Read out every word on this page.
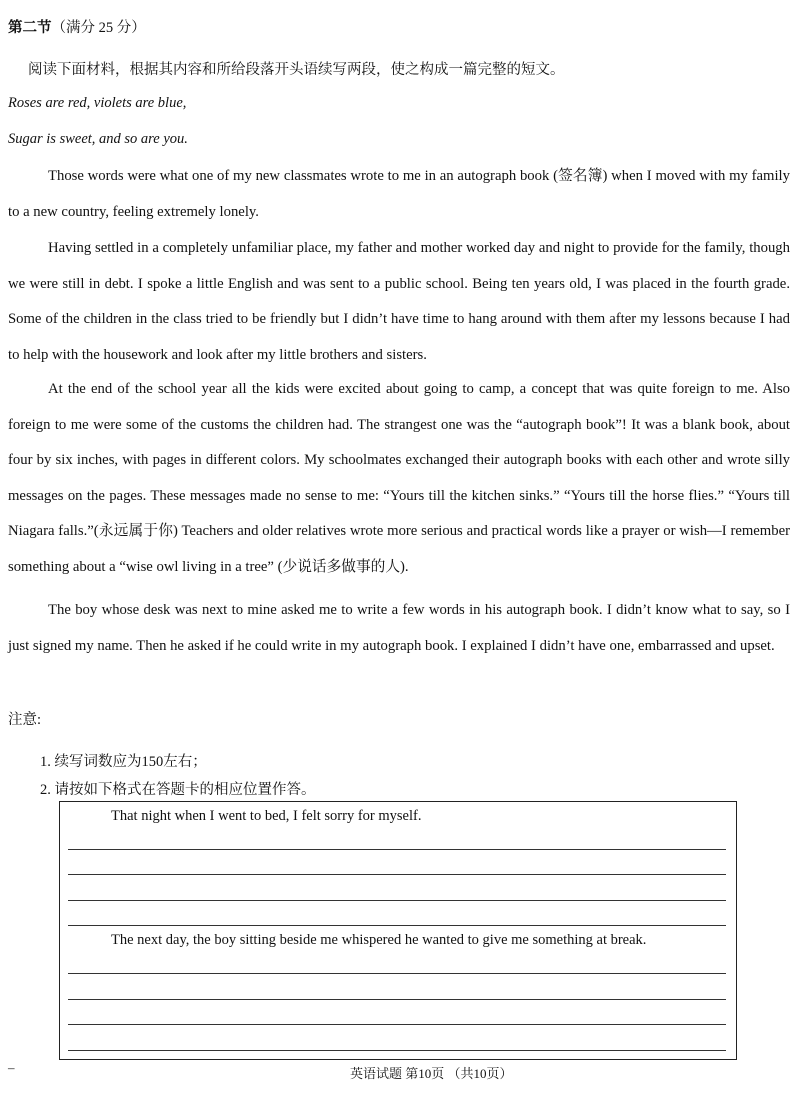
第二节（满分 25 分）
阅读下面材料，根据其内容和所给段落开头语续写两段，使之构成一篇完整的短文。
Roses are red, violets are blue,
Sugar is sweet, and so are you.

Those words were what one of my new classmates wrote to me in an autograph book (签名簿) when I moved with my family to a new country, feeling extremely lonely.

Having settled in a completely unfamiliar place, my father and mother worked day and night to provide for the family, though we were still in debt. I spoke a little English and was sent to a public school. Being ten years old, I was placed in the fourth grade. Some of the children in the class tried to be friendly but I didn’t have time to hang around with them after my lessons because I had to help with the housework and look after my little brothers and sisters.

At the end of the school year all the kids were excited about going to camp, a concept that was quite foreign to me. Also foreign to me were some of the customs the children had. The strangest one was the “autograph book”! It was a blank book, about four by six inches, with pages in different colors. My schoolmates exchanged their autograph books with each other and wrote silly messages on the pages. These messages made no sense to me: “Yours till the kitchen sinks.” “Yours till the horse flies.” “Yours till Niagara falls.”(永远属于你) Teachers and older relatives wrote more serious and practical words like a prayer or wish—I remember something about a “wise owl living in a tree” (少说话多做事的人).

The boy whose desk was next to mine asked me to write a few words in his autograph book. I didn’t know what to say, so I just signed my name. Then he asked if he could write in my autograph book. I explained I didn’t have one, embarrassed and upset.

注意:
1. 续写词数应为150左右；
2. 请按如下格式在答题卡的相应位置作答。
That night when I went to bed, I felt sorry for myself.
The next day, the boy sitting beside me whispered he wanted to give me something at break.
–	英语试题 第10页 （共10页）
